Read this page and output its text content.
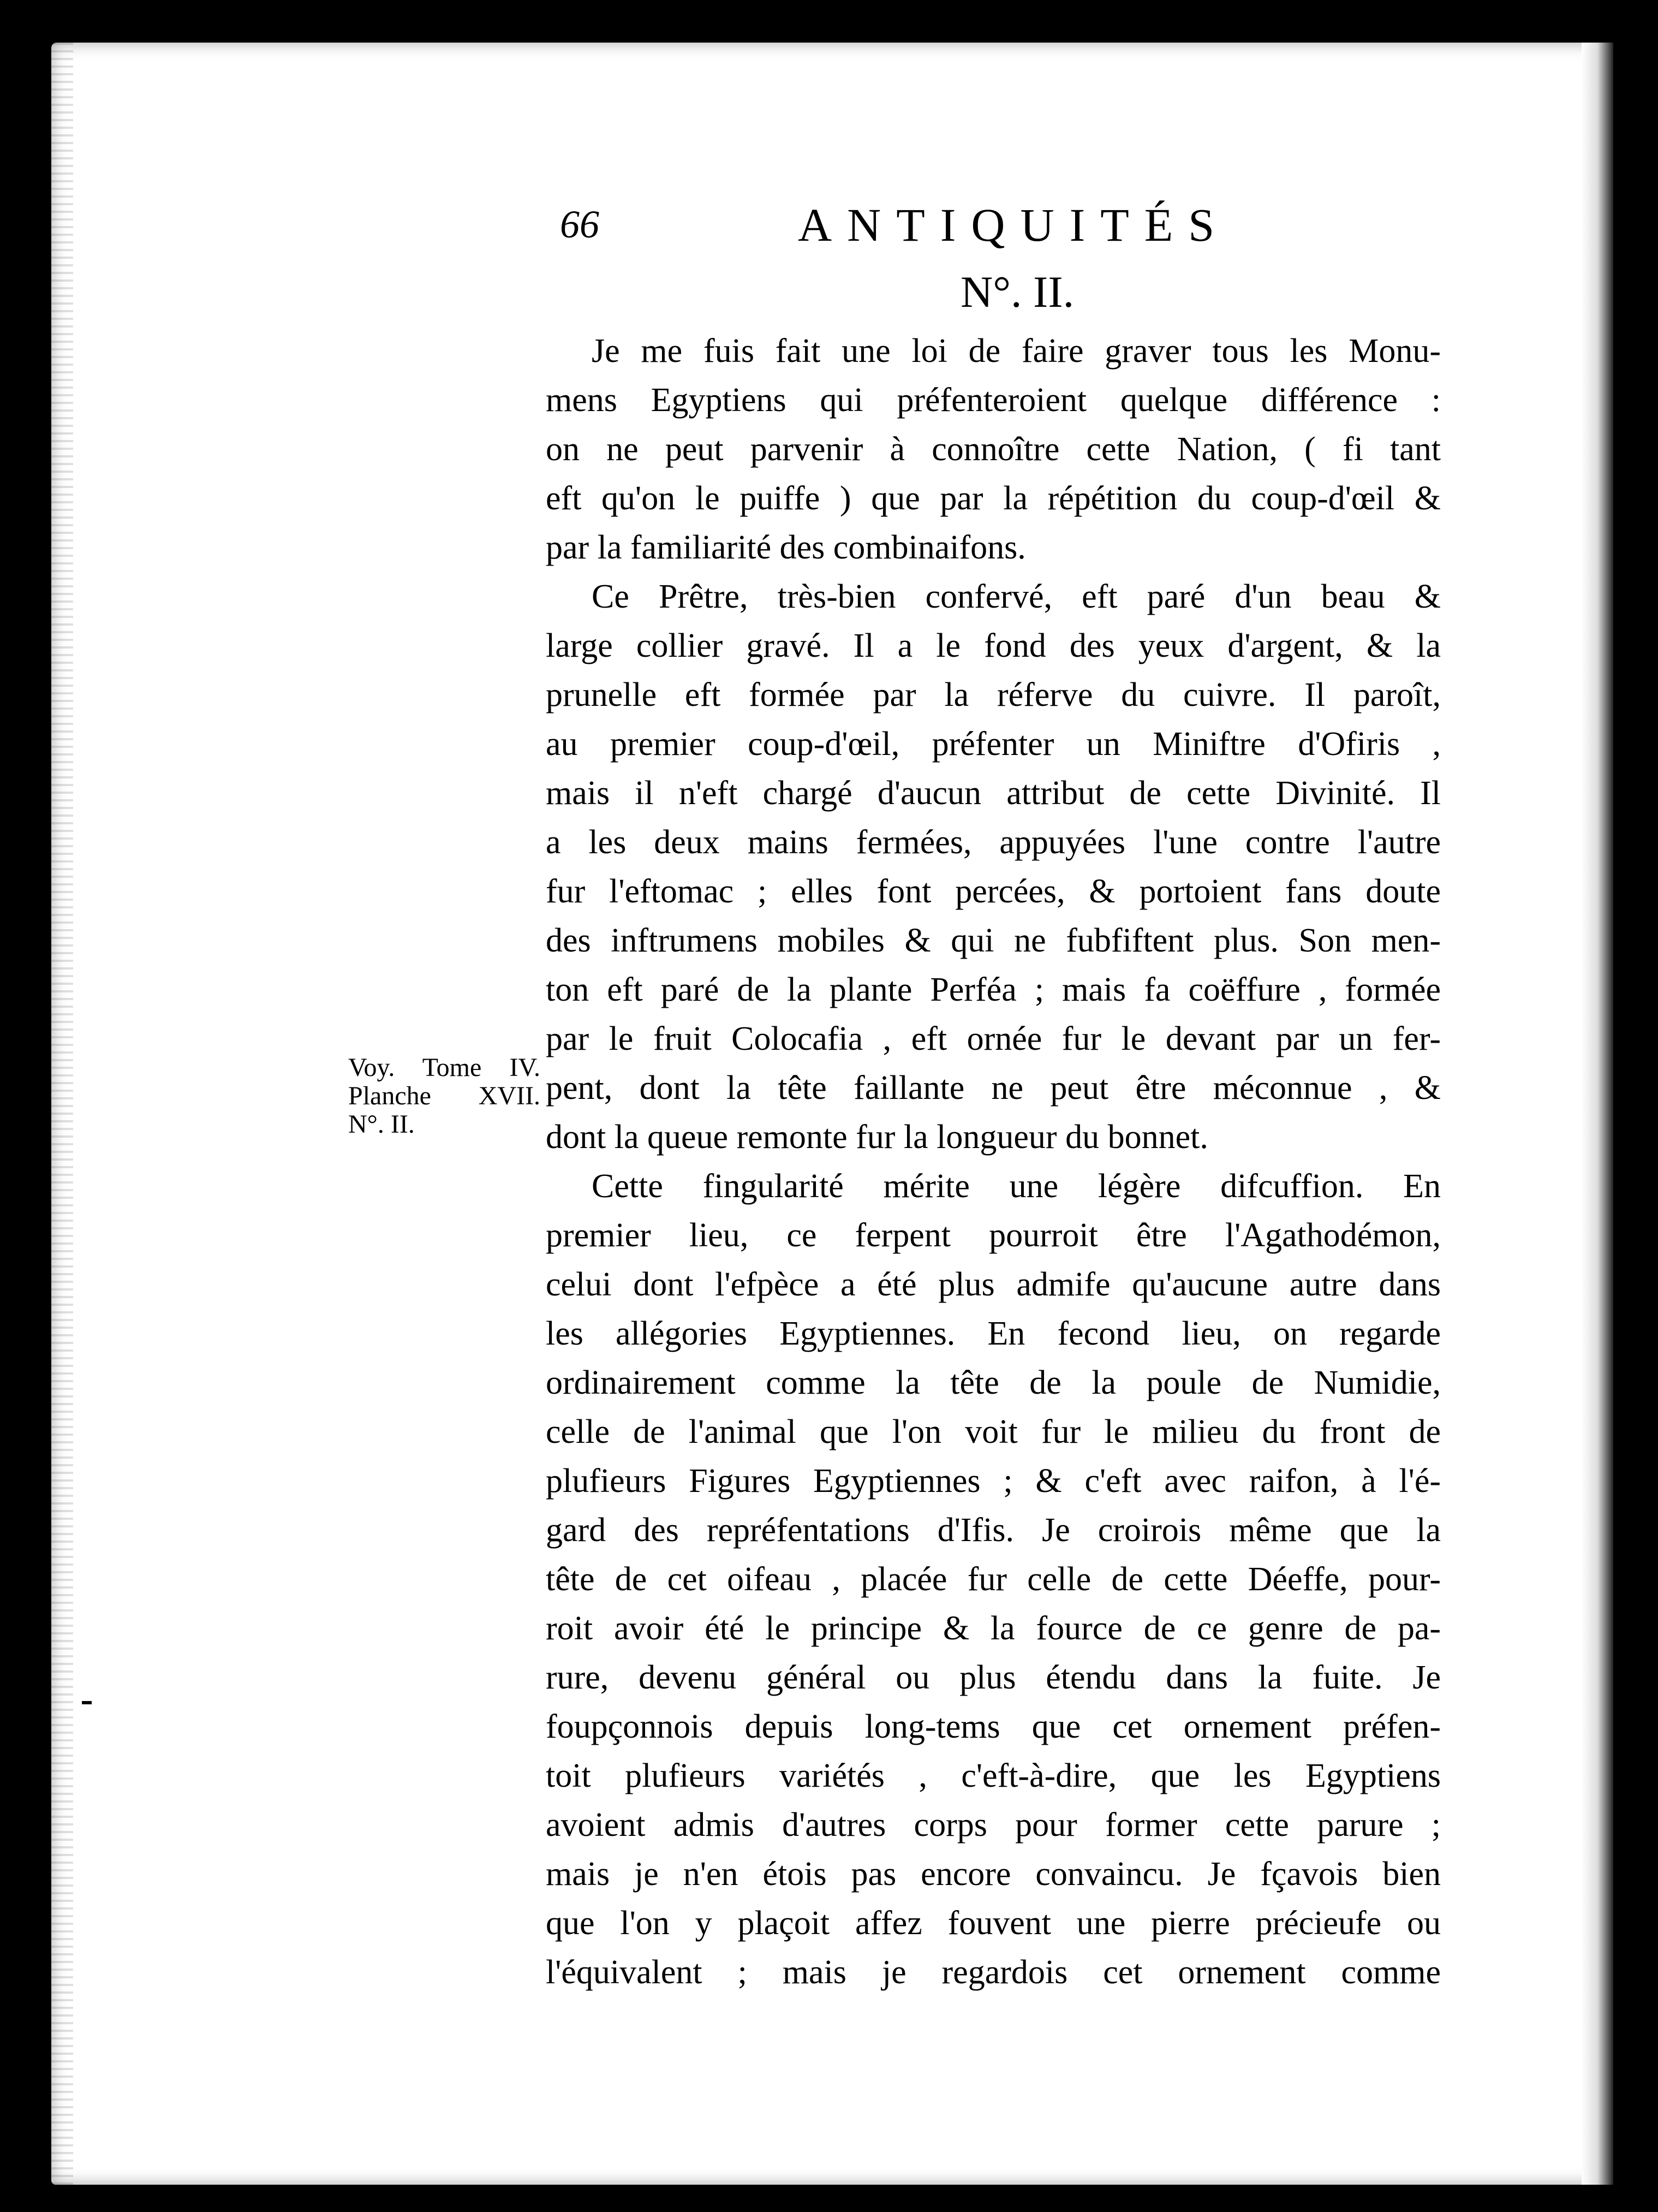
66	ANTIQUITÉS
N°. II.
Je me fuis fait une loi de faire graver tous les Monu-
mens Egyptiens qui préfenteroient quelque différence :
on ne peut parvenir à connoître cette Nation, ( fi tant
eft qu'on le puiffe ) que par la répétition du coup-d'œil &
par la familiarité des combinaifons.
Ce Prêtre, très-bien confervé, eft paré d'un beau &
large collier gravé. Il a le fond des yeux d'argent, & la
prunelle eft formée par la réferve du cuivre. Il paroît,
au premier coup-d'œil, préfenter un Miniftre d'Ofiris ,
mais il n'eft chargé d'aucun attribut de cette Divinité. Il
a les deux mains fermées, appuyées l'une contre l'autre
fur l'eftomac ; elles font percées, & portoient fans doute
des inftrumens mobiles & qui ne fubfiftent plus. Son men-
ton eft paré de la plante Perféa ; mais fa coëffure , formée
par le fruit Colocafia , eft ornée fur le devant par un fer-
pent, dont la tête faillante ne peut être méconnue , &
dont la queue remonte fur la longueur du bonnet.
Cette fingularité mérite une légère difcuffion. En
premier lieu, ce ferpent pourroit être l'Agathodémon,
celui dont l'efpèce a été plus admife qu'aucune autre dans
les allégories Egyptiennes. En fecond lieu, on regarde
ordinairement comme la tête de la poule de Numidie,
celle de l'animal que l'on voit fur le milieu du front de
plufieurs Figures Egyptiennes ; & c'eft avec raifon, à l'é-
gard des repréfentations d'Ifis. Je croirois même que la
tête de cet oifeau , placée fur celle de cette Déeffe, pour-
roit avoir été le principe & la fource de ce genre de pa-
rure, devenu général ou plus étendu dans la fuite. Je
foupçonnois depuis long-tems que cet ornement préfen-
toit plufieurs variétés , c'eft-à-dire, que les Egyptiens
avoient admis d'autres corps pour former cette parure ;
mais je n'en étois pas encore convaincu. Je fçavois bien
que l'on y plaçoit affez fouvent une pierre précieufe ou
l'équivalent ; mais je regardois cet ornement comme
Voy. Tome IV.
Planche XVII.
N°. II.
